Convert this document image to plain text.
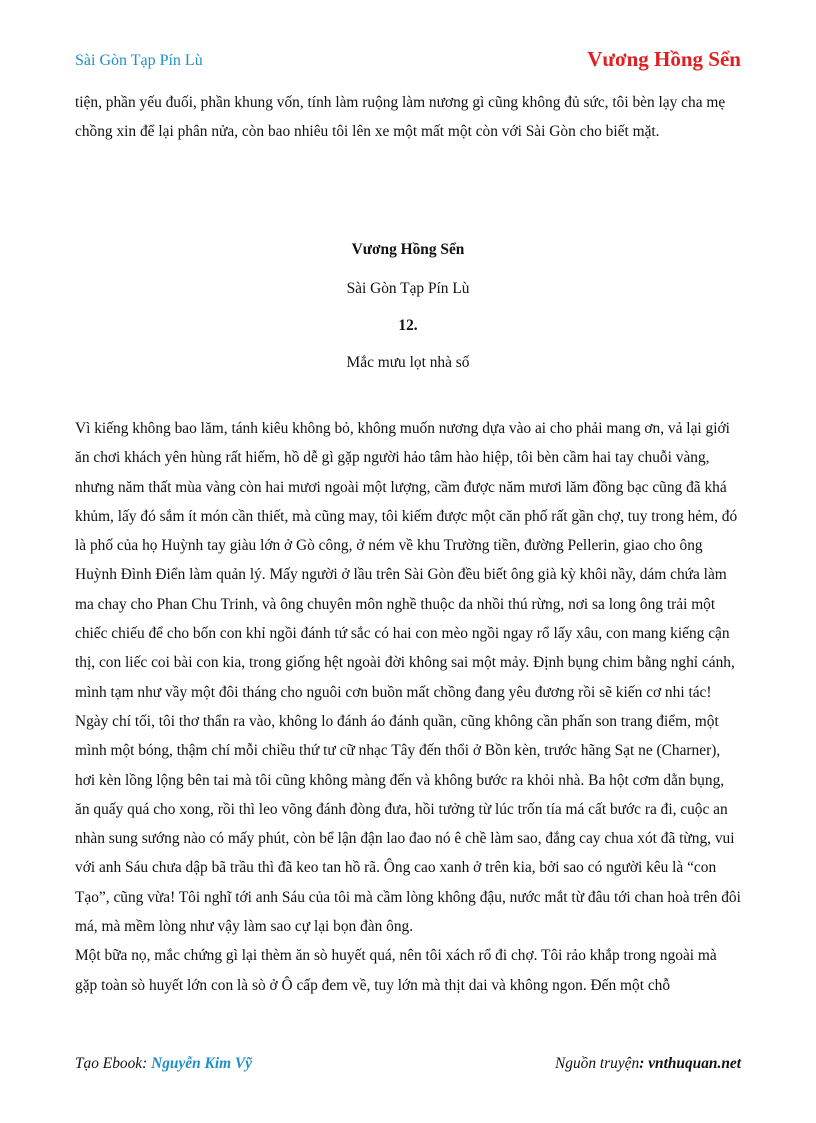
Sài Gòn Tạp Pín Lù	Vương Hồng Sển
tiện, phần yếu đuối, phần khung vốn, tính làm ruộng làm nương gì cũng không đủ sức, tôi bèn lạy cha mẹ chồng xin để lại phân nửa, còn bao nhiêu tôi lên xe một mất một còn với Sài Gòn cho biết mặt.
Vương Hồng Sển
Sài Gòn Tạp Pín Lù
12.
Mắc mưu lọt nhà số

Vì kiếng không bao lăm, tánh kiêu không bỏ, không muốn nương dựa vào ai cho phải mang ơn, vả lại giới ăn chơi khách yên hùng rất hiếm, hồ dễ gì gặp người hảo tâm hào hiệp, tôi bèn cầm hai tay chuỗi vàng, nhưng năm thất mùa vàng còn hai mươi ngoài một lượng, cầm được năm mươi lăm đồng bạc cũng đã khá khủm, lấy đó sắm ít món cần thiết, mà cũng may, tôi kiếm được một căn phố rất gần chợ, tuy trong hẻm, đó là phố của họ Huỳnh tay giàu lớn ở Gò công, ở ném về khu Trường tiền, đường Pellerin, giao cho ông Huỳnh Đình Điển làm quản lý. Mấy người ở lầu trên Sài Gòn đều biết ông già kỳ khôi nầy, dám chứa làm ma chay cho Phan Chu Trinh, và ông chuyên môn nghề thuộc da nhồi thú rừng, nơi sa long ông trải một chiếc chiếu để cho bốn con khỉ ngồi đánh tứ sắc có hai con mèo ngồi ngay rổ lấy xâu, con mang kiếng cận thị, con liếc coi bài con kia, trong giống hệt ngoài đời không sai một mảy. Định bụng chim bằng nghỉ cánh, mình tạm như vầy một đôi tháng cho nguôi cơn buồn mất chồng đang yêu đương rồi sẽ kiến cơ nhi tác!

Ngày chí tối, tôi thơ thẩn ra vào, không lo đánh áo đánh quần, cũng không cần phấn son trang điểm, một mình một bóng, thậm chí mỗi chiều thứ tư cữ nhạc Tây đến thổi ở Bồn kèn, trước hãng Sạt ne (Charner), hơi kèn lồng lộng bên tai mà tôi cũng không màng đến và không bước ra khỏi nhà. Ba hột cơm dằn bụng, ăn quấy quá cho xong, rồi thì leo võng đánh đòng đưa, hồi tưởng từ lúc trốn tía má cất bước ra đi, cuộc an nhàn sung sướng nào có mấy phút, còn bể lận đận lao đao nó ê chề làm sao, đắng cay chua xót đã từng, vui với anh Sáu chưa dập bã trầu thì đã keo tan hồ rã. Ông cao xanh ở trên kia, bởi sao có người kêu là “con Tạo”, cũng vừa! Tôi nghĩ tới anh Sáu của tôi mà cầm lòng không đậu, nước mắt từ đâu tới chan hoà trên đôi má, mà mềm lòng như vậy làm sao cự lại bọn đàn ông.

Một bữa nọ, mắc chứng gì lại thèm ăn sò huyết quá, nên tôi xách rổ đi chợ. Tôi rảo khắp trong ngoài mà gặp toàn sò huyết lớn con là sò ở Ô cấp đem về, tuy lớn mà thịt dai và không ngon. Đến một chỗ

Tạo Ebook: Nguyễn Kim Vỹ	Nguồn truyện: vnthuquan.net
